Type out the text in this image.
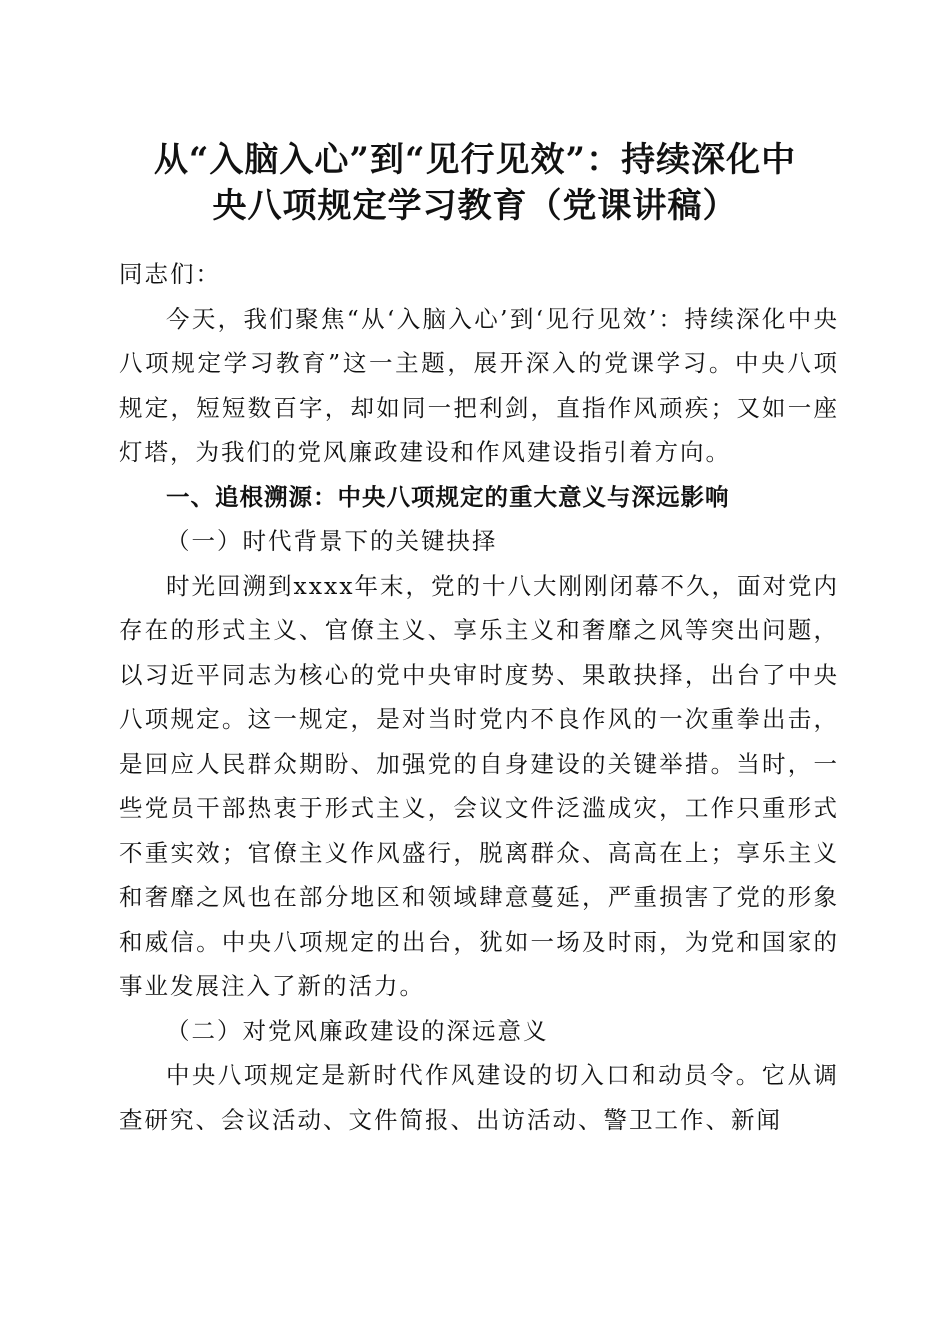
从“入脑入心”到“见行见效”：持续深化中
央八项规定学习教育（党课讲稿）

同志们：

今天，我们聚焦“从‘入脑入心’到‘见行见效’：持续深化中央八项规定学习教育”这一主题，展开深入的党课学习。中央八项规定，短短数百字，却如同一把利剑，直指作风顽疾；又如一座灯塔，为我们的党风廉政建设和作风建设指引着方向。

一、追根溯源：中央八项规定的重大意义与深远影响

（一）时代背景下的关键抉择

时光回溯到xxxx年末，党的十八大刚刚闭幕不久，面对党内存在的形式主义、官僚主义、享乐主义和奢靡之风等突出问题，以习近平同志为核心的党中央审时度势、果敢抉择，出台了中央八项规定。这一规定，是对当时党内不良作风的一次重拳出击，是回应人民群众期盼、加强党的自身建设的关键举措。当时，一些党员干部热衷于形式主义，会议文件泛滥成灾，工作只重形式不重实效；官僚主义作风盛行，脱离群众、高高在上；享乐主义和奢靡之风也在部分地区和领域肆意蔓延，严重损害了党的形象和威信。中央八项规定的出台，犹如一场及时雨，为党和国家的事业发展注入了新的活力。

（二）对党风廉政建设的深远意义

中央八项规定是新时代作风建设的切入口和动员令。它从调查研究、会议活动、文件简报、出访活动、警卫工作、新闻
